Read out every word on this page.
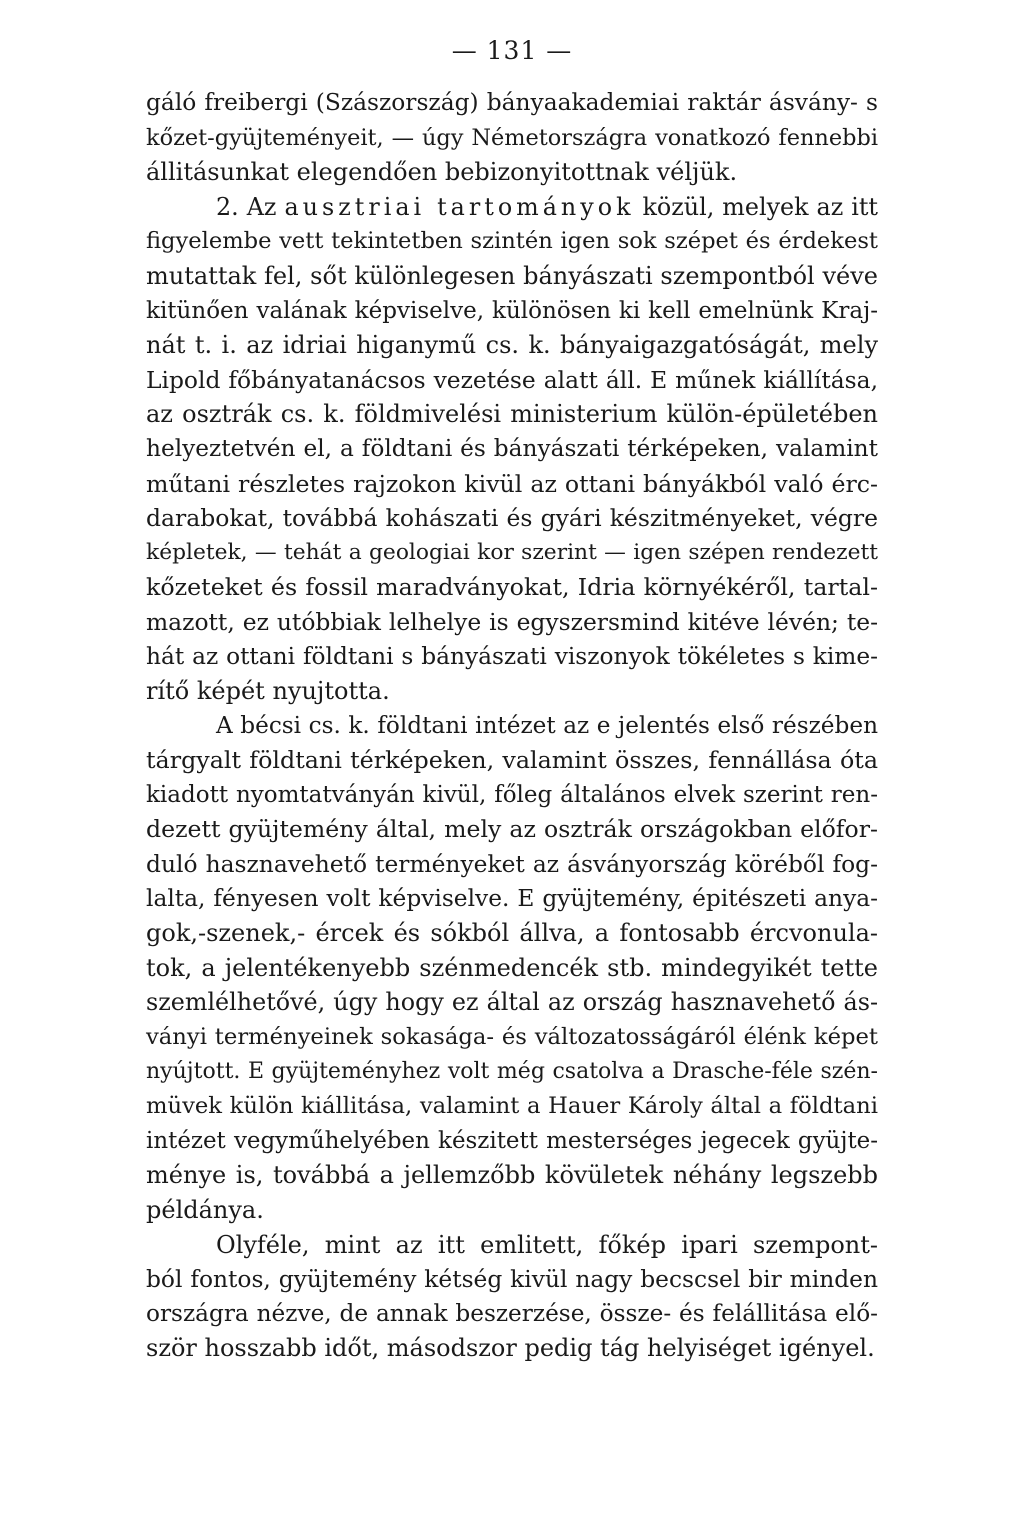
— 131 —
gáló freibergi (Szászország) bányaakademiai raktár ásvány- s
kőzet-gyüjteményeit, — úgy Németországra vonatkozó fennebbi
állitásunkat elegendően bebizonyitottnak véljük.
2. Az ausztriai tartományok közül, melyek az itt
figyelembe vett tekintetben szintén igen sok szépet és érdekest
mutattak fel, sőt különlegesen bányászati szempontból véve
kitünően valának képviselve, különösen ki kell emelnünk Kraj-
nát t. i. az idriai higanymű cs. k. bányaigazgatóságát, mely
Lipold főbányatanácsos vezetése alatt áll. E műnek kiállítása,
az osztrák cs. k. földmivelési ministerium külön-épületében
helyeztetvén el, a földtani és bányászati térképeken, valamint
műtani részletes rajzokon kivül az ottani bányákból való érc-
darabokat, továbbá kohászati és gyári készitményeket, végre
képletek, — tehát a geologiai kor szerint — igen szépen rendezett
kőzeteket és fossil maradványokat, Idria környékéről, tartal-
mazott, ez utóbbiak lelhelye is egyszersmind kitéve lévén; te-
hát az ottani földtani s bányászati viszonyok tökéletes s kime-
rítő képét nyujtotta.
A bécsi cs. k. földtani intézet az e jelentés első részében
tárgyalt földtani térképeken, valamint összes, fennállása óta
kiadott nyomtatványán kivül, főleg általános elvek szerint ren-
dezett gyüjtemény által, mely az osztrák országokban előfor-
duló hasznavehető terményeket az ásványország köréből fog-
lalta, fényesen volt képviselve. E gyüjtemény, épitészeti anya-
gok,-szenek,- ércek és sókból állva, a fontosabb ércvonula-
tok, a jelentékenyebb szénmedencék stb. mindegyikét tette
szemlélhetővé, úgy hogy ez által az ország hasznavehető ás-
ványi terményeinek sokasága- és változatosságáról élénk képet
nyújtott. E gyüjteményhez volt még csatolva a Drasche-féle szén-
müvek külön kiállitása, valamint a Hauer Károly által a földtani
intézet vegyműhelyében készitett mesterséges jegecek gyüjte-
ménye is, továbbá a jellemzőbb kövületek néhány legszebb
példánya.
Olyféle, mint az itt emlitett, főkép ipari szempont-
ból fontos, gyüjtemény kétség kivül nagy becscsel bir minden
országra nézve, de annak beszerzése, össze- és felállitása elő-
ször hosszabb időt, másodszor pedig tág helyiséget igényel.
